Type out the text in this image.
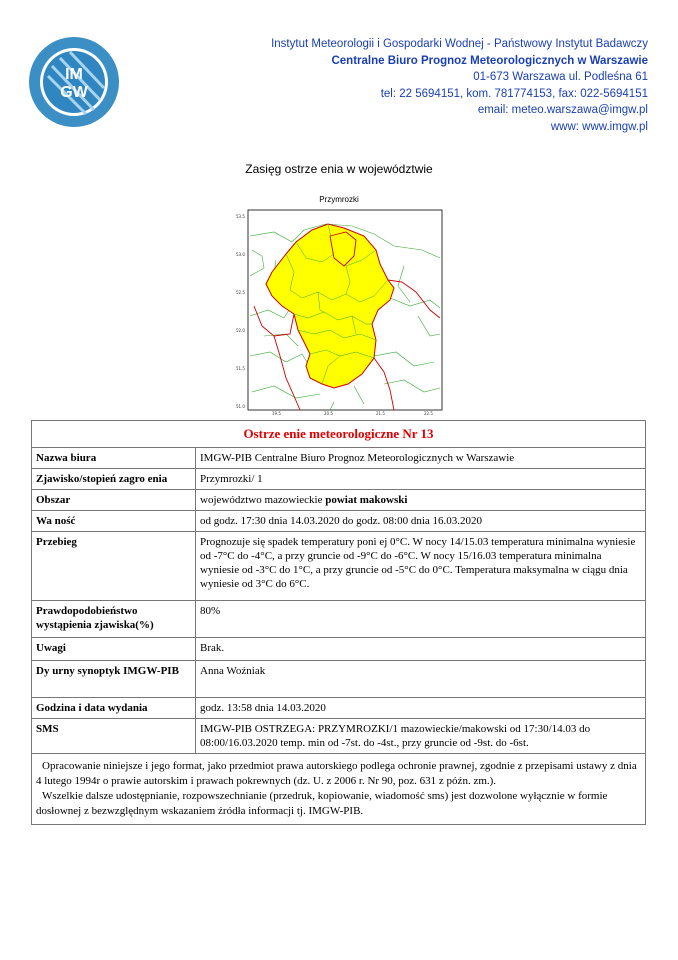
IM
GW
Instytut Meteorologii i Gospodarki Wodnej - Państwowy Instytut Badawczy
Centralne Biuro Prognoz Meteorologicznych w Warszawie
01-673 Warszawa ul. Podleśna 61
tel: 22 5694151, kom. 781774153, fax: 022-5694151
email: meteo.warszawa@imgw.pl
www: www.imgw.pl
Zasięg ostrze enia w województwie
Przymrozki
53.5
53.0
52.5
52.0
51.5
51.0
19.5	20.5	21.5	22.5
Ostrze enie meteorologiczne Nr 13	
Nazwa biura	IMGW-PIB Centralne Biuro Prognoz Meteorologicznych w Warszawie
Zjawisko/stopień zagro enia	Przymrozki/ 1
Obszar	województwo mazowieckie powiat makowski
Wa ność	od godz. 17:30 dnia 14.03.2020 do godz. 08:00 dnia 16.03.2020
Przebieg	Prognozuje się spadek temperatury poni ej 0°C. W nocy 14/15.03 temperatura minimalna wyniesie od -7°C do -4°C, a przy gruncie od -9°C do -6°C. W nocy 15/16.03 temperatura minimalna wyniesie od -3°C do 1°C, a przy gruncie od -5°C do 0°C. Temperatura maksymalna w ciągu dnia wyniesie od 3°C do 6°C.
Prawdopodobieństwo wystąpienia zjawiska(%)	80%
Uwagi	Brak.
Dy urny synoptyk IMGW-PIB	Anna Woźniak
Godzina i data wydania	godz. 13:58 dnia 14.03.2020
SMS	IMGW-PIB OSTRZEGA: PRZYMROZKI/1 mazowieckie/makowski od 17:30/14.03 do 08:00/16.03.2020 temp. min od -7st. do -4st., przy gruncie od -9st. do -6st.

Opracowanie niniejsze i jego format, jako przedmiot prawa autorskiego podlega ochronie prawnej, zgodnie z przepisami ustawy z dnia 4 lutego 1994r o prawie autorskim i prawach pokrewnych (dz. U. z 2006 r. Nr 90, poz. 631 z późn. zm.).
Wszelkie dalsze udostępnianie, rozpowszechnianie (przedruk, kopiowanie, wiadomość sms) jest dozwolone wyłącznie w formie dosłownej z bezwzględnym wskazaniem źródła informacji tj. IMGW-PIB.	
